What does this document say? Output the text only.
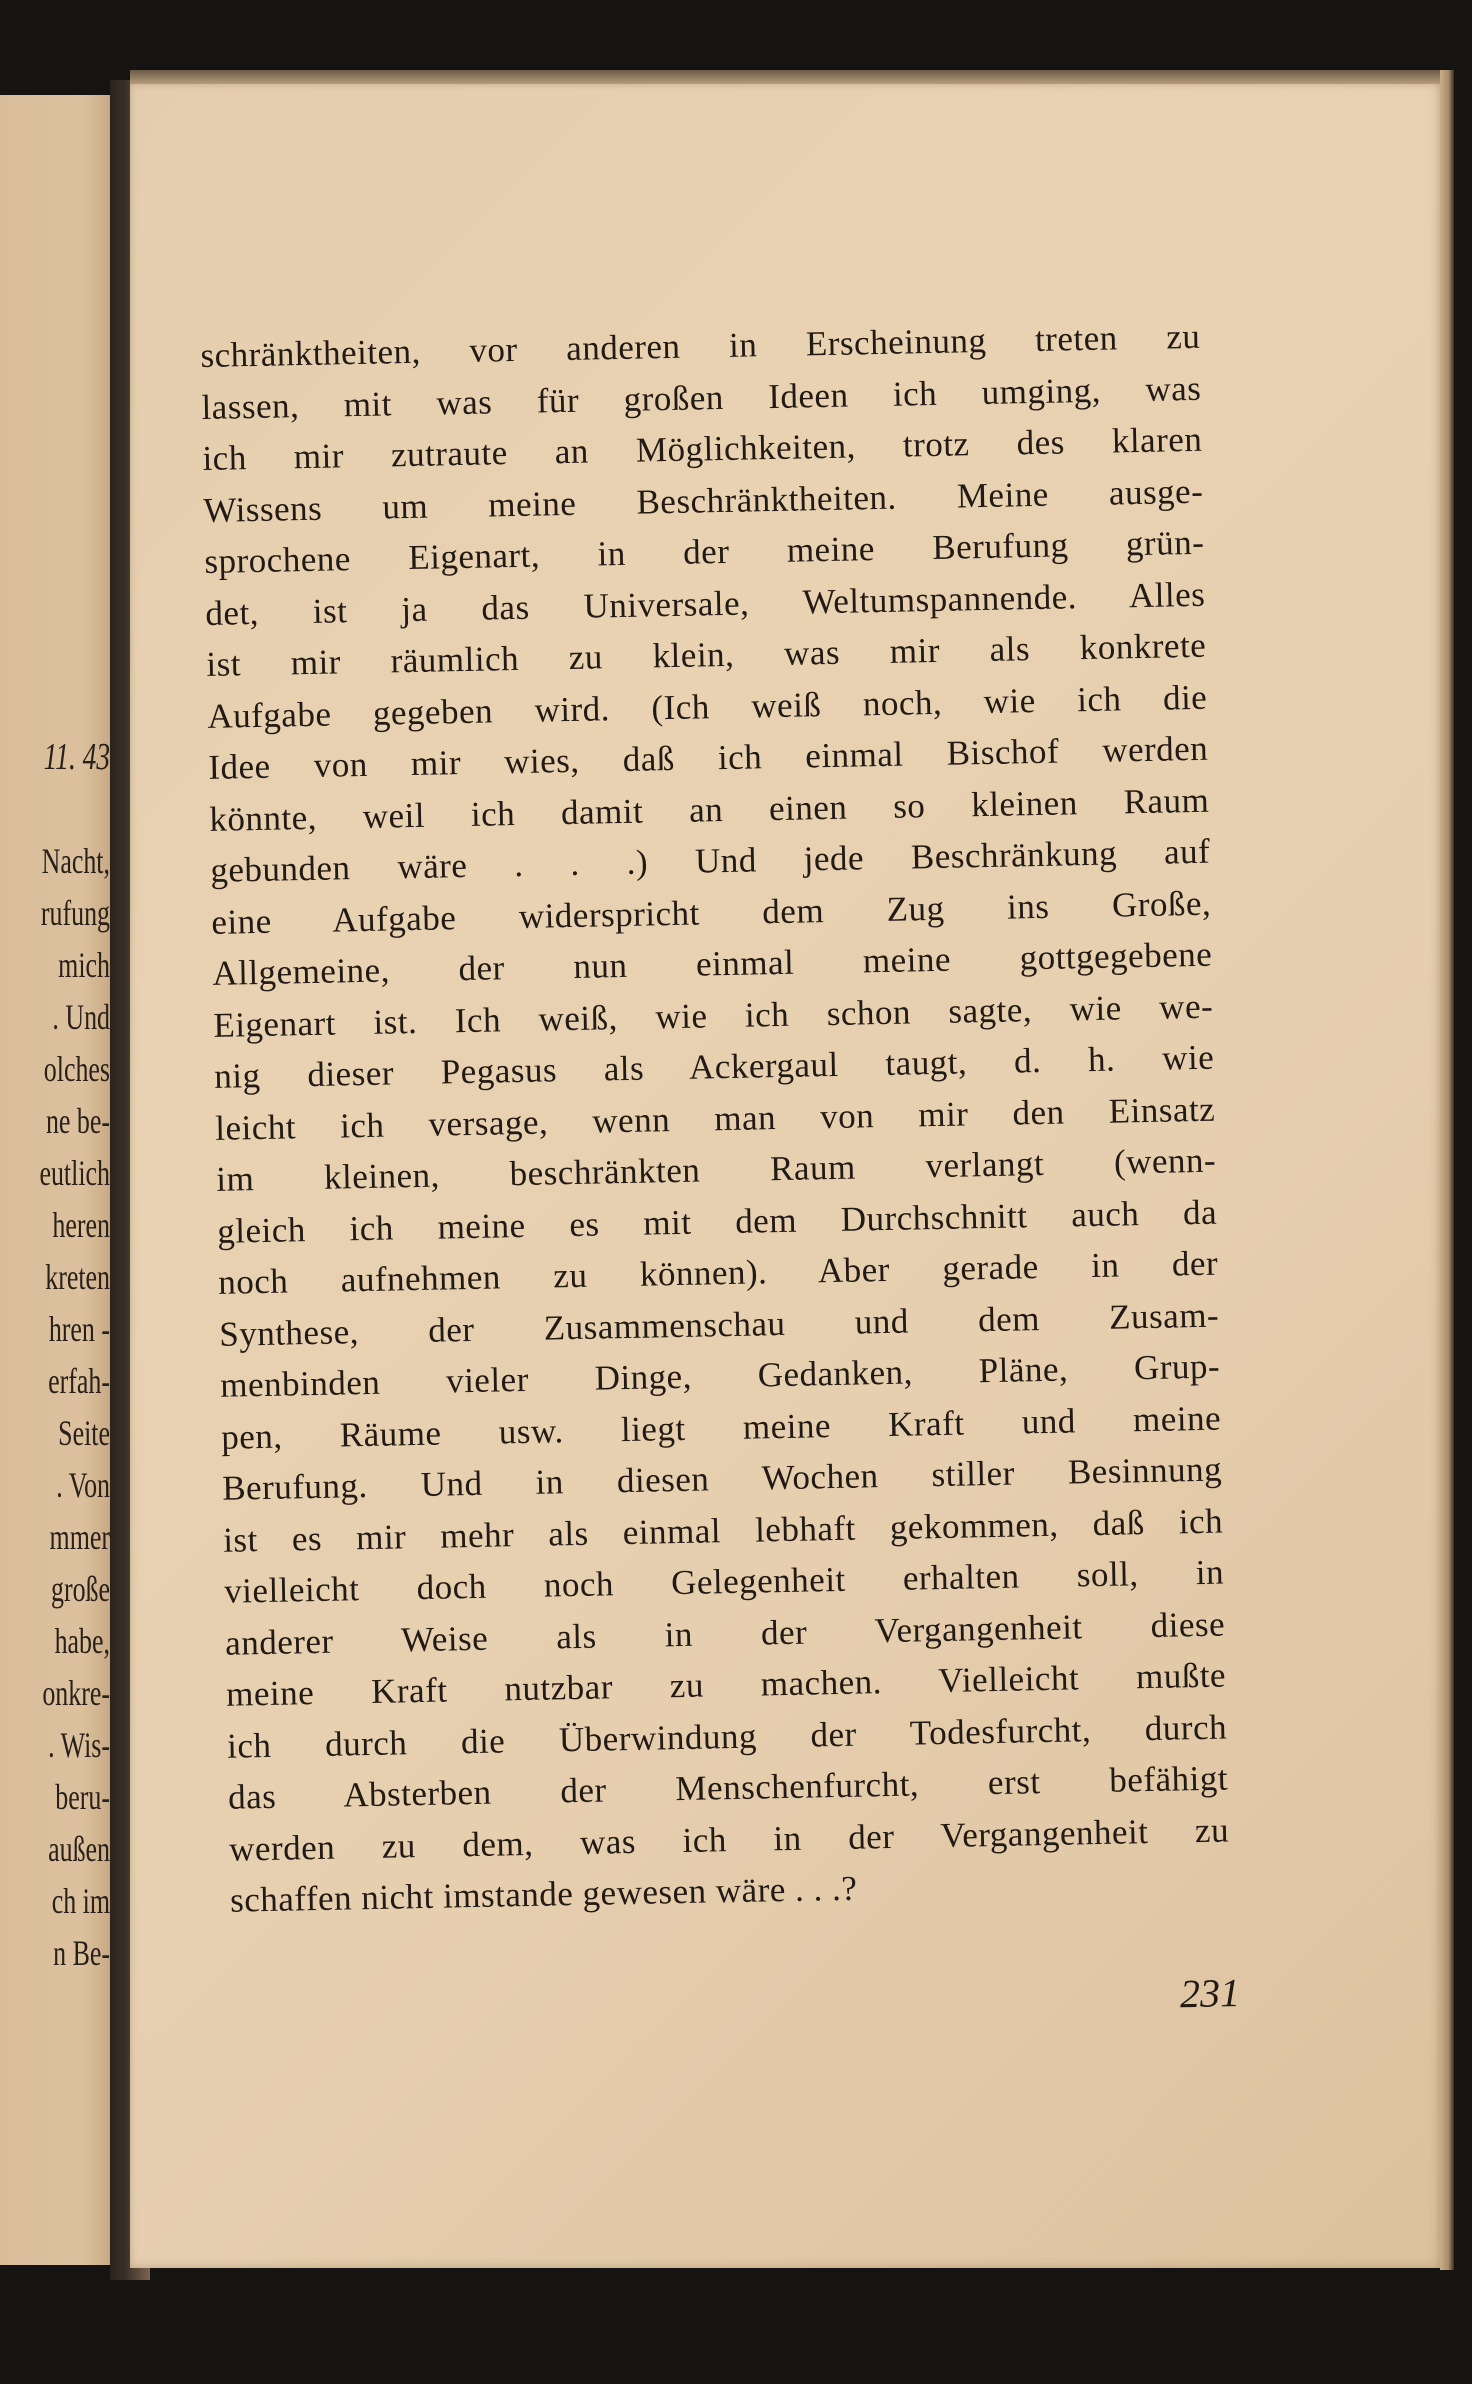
11. 43
Nacht,
rufung
mich
. Und
olches
ne be-
eutlich
heren
kreten
hren -
erfah-
Seite
. Von
mmer
große
habe,
onkre-
. Wis-
beru-
außen
ch im
n Be-
schränktheiten, vor anderen in Erscheinung treten zu
lassen, mit was für großen Ideen ich umging, was
ich mir zutraute an Möglichkeiten, trotz des klaren
Wissens um meine Beschränktheiten. Meine ausge-
sprochene Eigenart, in der meine Berufung grün-
det, ist ja das Universale, Weltumspannende. Alles
ist mir räumlich zu klein, was mir als konkrete
Aufgabe gegeben wird. (Ich weiß noch, wie ich die
Idee von mir wies, daß ich einmal Bischof werden
könnte, weil ich damit an einen so kleinen Raum
gebunden wäre . . .) Und jede Beschränkung auf
eine Aufgabe widerspricht dem Zug ins Große,
Allgemeine, der nun einmal meine gottgegebene
Eigenart ist. Ich weiß, wie ich schon sagte, wie we-
nig dieser Pegasus als Ackergaul taugt, d. h. wie
leicht ich versage, wenn man von mir den Einsatz
im kleinen, beschränkten Raum verlangt (wenn-
gleich ich meine es mit dem Durchschnitt auch da
noch aufnehmen zu können). Aber gerade in der
Synthese, der Zusammenschau und dem Zusam-
menbinden vieler Dinge, Gedanken, Pläne, Grup-
pen, Räume usw. liegt meine Kraft und meine
Berufung. Und in diesen Wochen stiller Besinnung
ist es mir mehr als einmal lebhaft gekommen, daß ich
vielleicht doch noch Gelegenheit erhalten soll, in
anderer Weise als in der Vergangenheit diese
meine Kraft nutzbar zu machen. Vielleicht mußte
ich durch die Überwindung der Todesfurcht, durch
das Absterben der Menschenfurcht, erst befähigt
werden zu dem, was ich in der Vergangenheit zu
schaffen nicht imstande gewesen wäre . . .?
231
